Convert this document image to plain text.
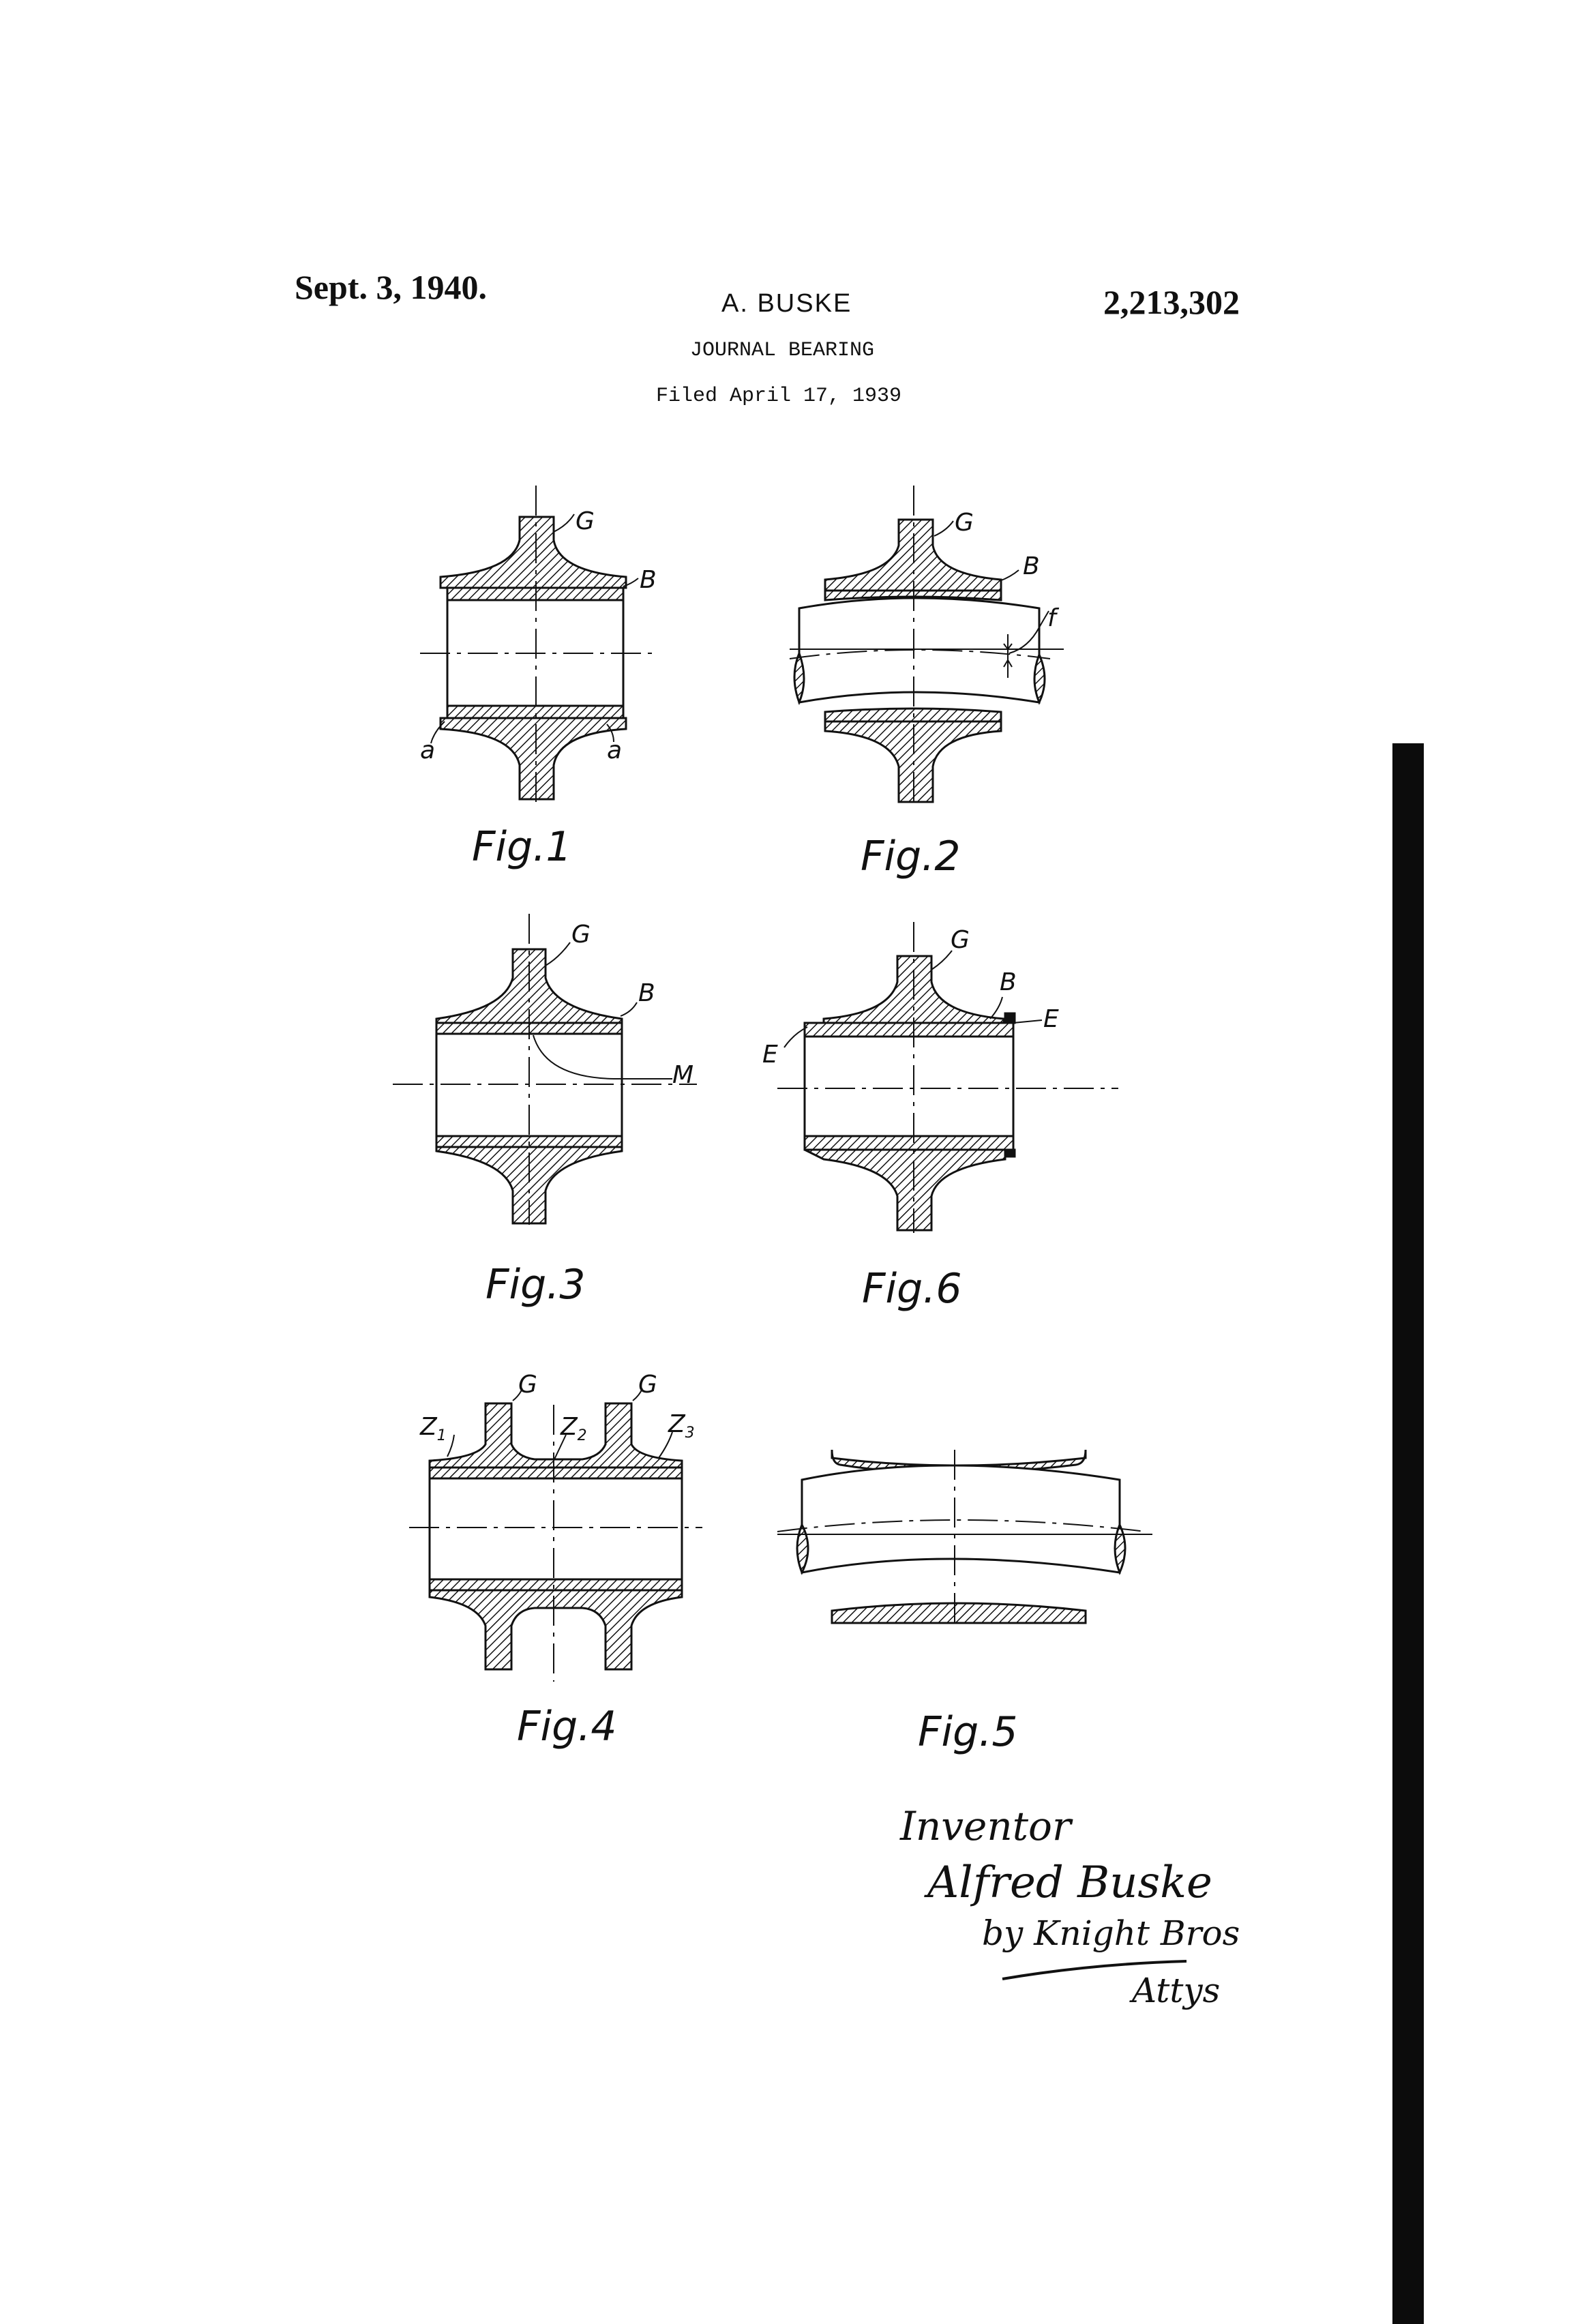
Sept. 3, 1940.	A. BUSKE	2,213,302

JOURNAL BEARING

Filed April 17, 1939

G
B
a	a
Fig.1
G
B
f
Fig.2
G
B
M
Fig.3
G
B
E
E
Fig.6
G	G
$Z_1$	$Z_2$	$Z_3$
Fig.4	Fig.5
Inventor
Alfred Buske
by Knight Bros
Attys
